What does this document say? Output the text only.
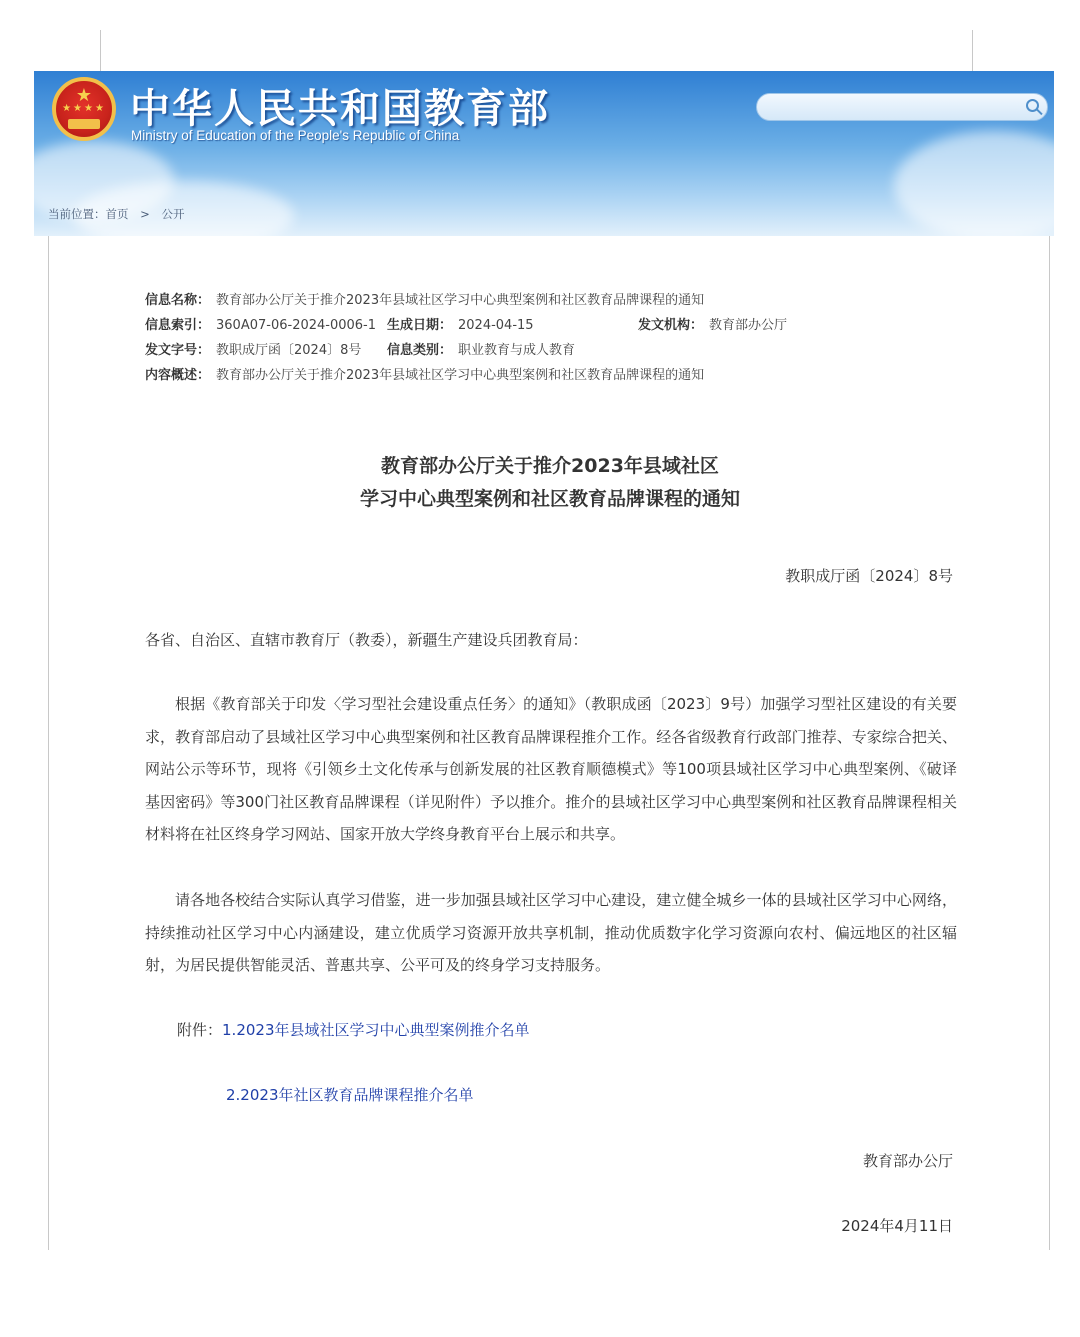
★
★★★★ 中华人民共和国教育部
Ministry of Education of the People's Republic of China
当前位置：首页 > 公开
信息名称： 教育部办公厅关于推介2023年县域社区学习中心典型案例和社区教育品牌课程的通知
信息索引： 360A07-06-2024-0006-1 生成日期： 2024-04-15	发文机构： 教育部办公厅
发文字号： 教职成厅函〔2024〕8号 信息类别： 职业教育与成人教育
内容概述： 教育部办公厅关于推介2023年县域社区学习中心典型案例和社区教育品牌课程的通知
教育部办公厅关于推介2023年县域社区
学习中心典型案例和社区教育品牌课程的通知
教职成厅函〔2024〕8号

各省、自治区、直辖市教育厅（教委），新疆生产建设兵团教育局：

根据《教育部关于印发〈学习型社会建设重点任务〉的通知》（教职成函〔2023〕9号）加强学习型社区建设的有关要求，教育部启动了县域社区学习中心典型案例和社区教育品牌课程推介工作。经各省级教育行政部门推荐、专家综合把关、网站公示等环节，现将《引领乡土文化传承与创新发展的社区教育顺德模式》等100项县域社区学习中心典型案例、《破译基因密码》等300门社区教育品牌课程（详见附件）予以推介。推介的县域社区学习中心典型案例和社区教育品牌课程相关材料将在社区终身学习网站、国家开放大学终身教育平台上展示和共享。

请各地各校结合实际认真学习借鉴，进一步加强县域社区学习中心建设，建立健全城乡一体的县域社区学习中心网络，持续推动社区学习中心内涵建设，建立优质学习资源开放共享机制，推动优质数字化学习资源向农村、偏远地区的社区辐射，为居民提供智能灵活、普惠共享、公平可及的终身学习支持服务。

附件：1.2023年县域社区学习中心典型案例推介名单
2.2023年社区教育品牌课程推介名单
教育部办公厅
2024年4月11日
